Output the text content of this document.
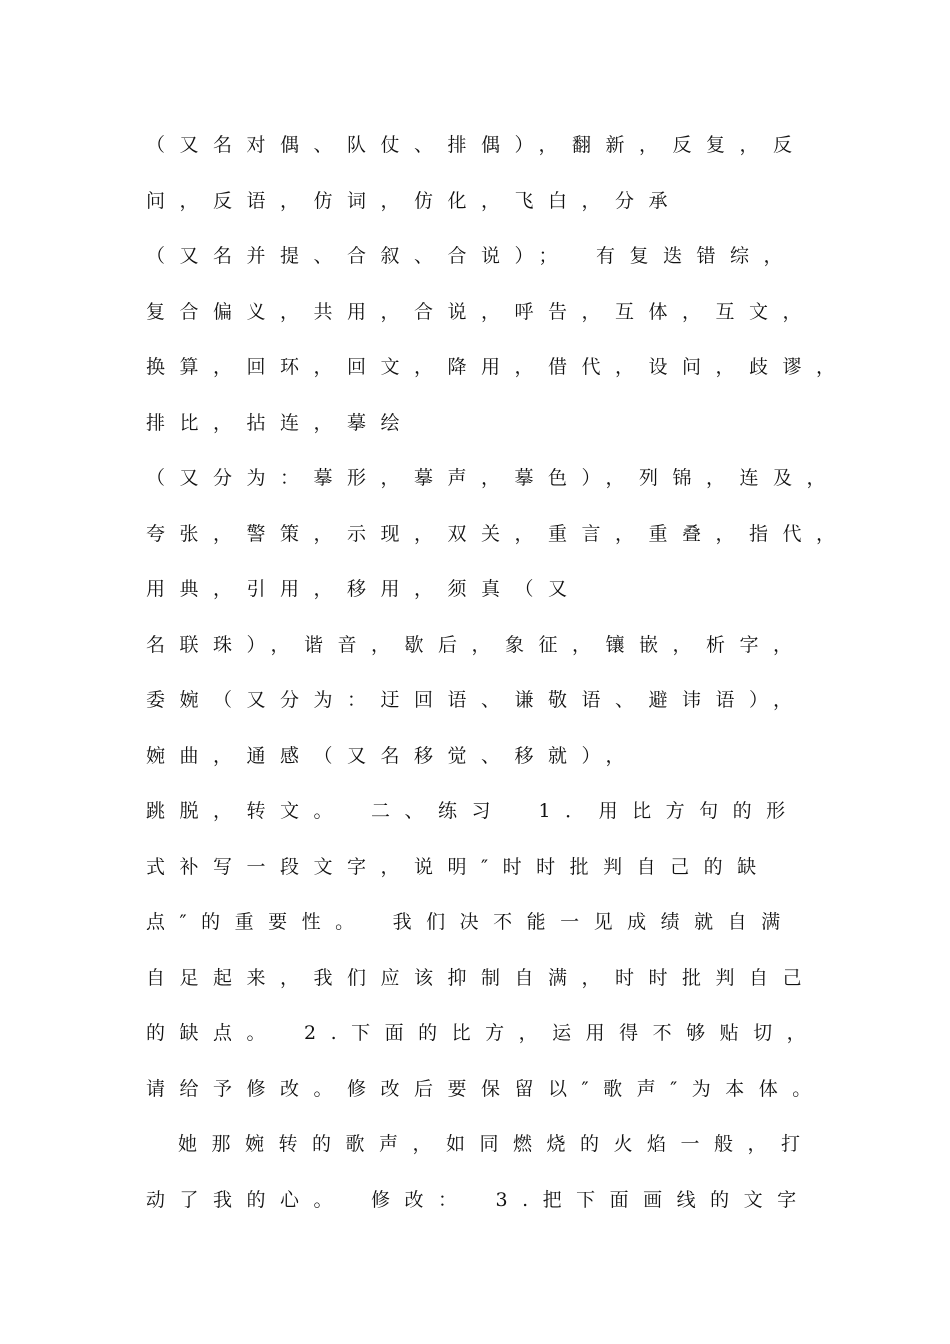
（又名对偶、队仗、排偶），翻新，反复，反
问，反语，仿词，仿化，飞白，分承
（又名并提、合叙、合说）；　有复迭错综，
复合偏义，共用，合说，呼告，互体，互文，
换算，回环，回文，降用，借代，设问，歧谬，
排比，拈连，摹绘
（又分为：摹形，摹声，摹色），列锦，连及，
夸张，警策，示现，双关，重言，重叠，指代，
用典，引用，移用，须真（又
名联珠），谐音，歇后，象征，镶嵌，析字，
委婉（又分为：迂回语、谦敬语、避讳语），
婉曲，通感（又名移觉、移就），
跳脱，转文。　二、练习　1．用比方句的形
式补写一段文字，说明″时时批判自己的缺
点″的重要性。　我们决不能一见成绩就自满
自足起来，我们应该抑制自满，时时批判自己
的缺点。　2.下面的比方，运用得不够贴切，
请给予修改。修改后要保留以″歌声″为本体。
她那婉转的歌声，如同燃烧的火焰一般，打
动了我的心。　修改：　3.把下面画线的文字
